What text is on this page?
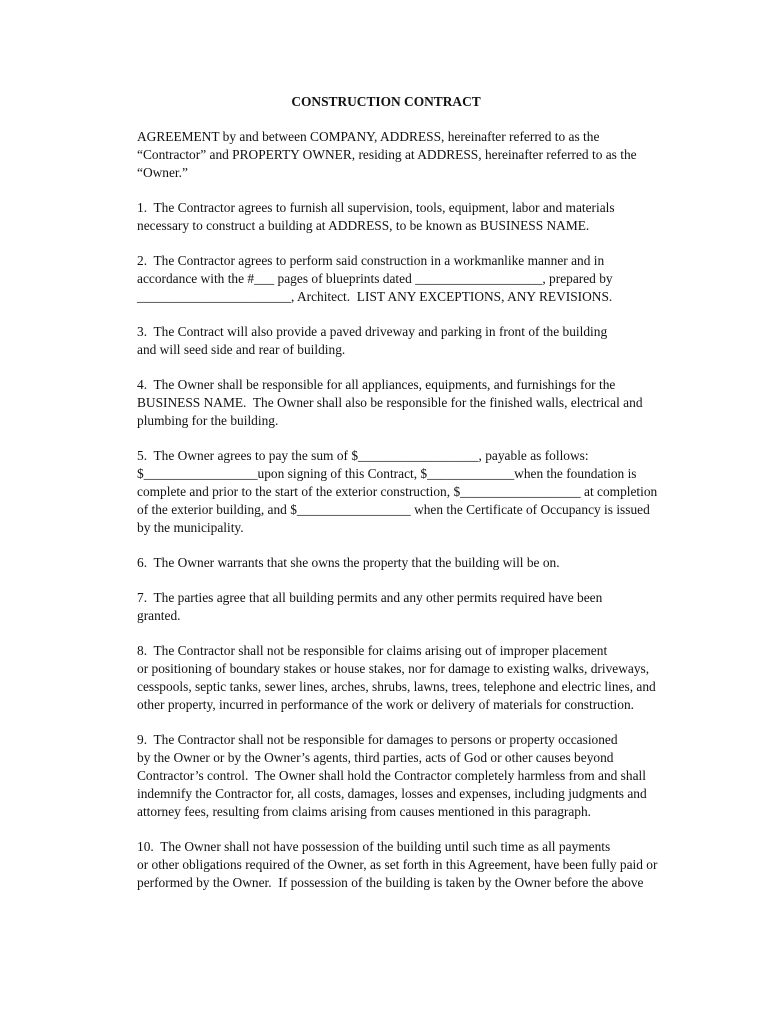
CONSTRUCTION CONTRACT
AGREEMENT by and between COMPANY, ADDRESS, hereinafter referred to as the
“Contractor” and PROPERTY OWNER, residing at ADDRESS, hereinafter referred to as the
“Owner.”
1.  The Contractor agrees to furnish all supervision, tools, equipment, labor and materials
necessary to construct a building at ADDRESS, to be known as BUSINESS NAME.
2.  The Contractor agrees to perform said construction in a workmanlike manner and in
accordance with the #___ pages of blueprints dated ___________________, prepared by
_______________________, Architect.  LIST ANY EXCEPTIONS, ANY REVISIONS.
3.  The Contract will also provide a paved driveway and parking in front of the building
and will seed side and rear of building.
4.  The Owner shall be responsible for all appliances, equipments, and furnishings for the
BUSINESS NAME.  The Owner shall also be responsible for the finished walls, electrical and
plumbing for the building.
5.  The Owner agrees to pay the sum of $__________________, payable as follows:
$_________________upon signing of this Contract, $_____________when the foundation is
complete and prior to the start of the exterior construction, $__________________ at completion
of the exterior building, and $_________________ when the Certificate of Occupancy is issued
by the municipality.
6.  The Owner warrants that she owns the property that the building will be on.
7.  The parties agree that all building permits and any other permits required have been
granted.
8.  The Contractor shall not be responsible for claims arising out of improper placement
or positioning of boundary stakes or house stakes, nor for damage to existing walks, driveways,
cesspools, septic tanks, sewer lines, arches, shrubs, lawns, trees, telephone and electric lines, and
other property, incurred in performance of the work or delivery of materials for construction.
9.  The Contractor shall not be responsible for damages to persons or property occasioned
by the Owner or by the Owner’s agents, third parties, acts of God or other causes beyond
Contractor’s control.  The Owner shall hold the Contractor completely harmless from and shall
indemnify the Contractor for, all costs, damages, losses and expenses, including judgments and
attorney fees, resulting from claims arising from causes mentioned in this paragraph.
10.  The Owner shall not have possession of the building until such time as all payments
or other obligations required of the Owner, as set forth in this Agreement, have been fully paid or
performed by the Owner.  If possession of the building is taken by the Owner before the above
